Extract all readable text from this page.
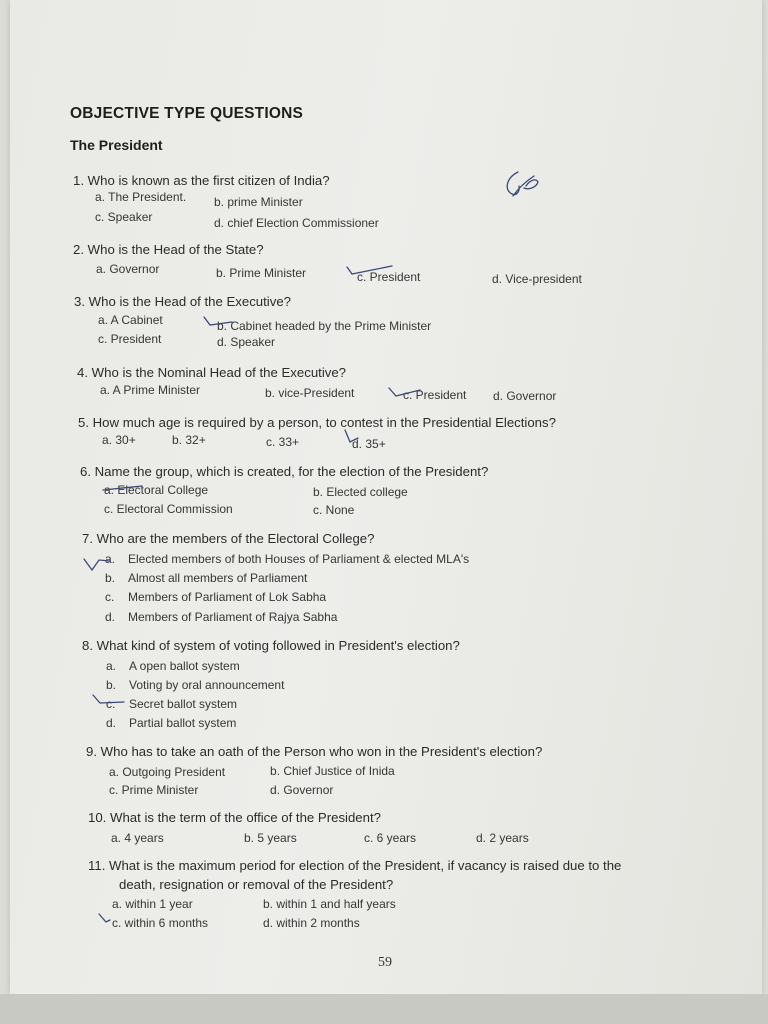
OBJECTIVE TYPE QUESTIONS
The President
1. Who is known as the first citizen of India?
a. The President. b. prime Minister
c. Speaker	d. chief Election Commissioner
2. Who is the Head of the State?
a. Governor	b. Prime Minister	c. President	d. Vice-president
3. Who is the Head of the Executive?
a. A Cabinet	b. Cabinet headed by the Prime Minister
c. President	d. Speaker
4. Who is the Nominal Head of the Executive?
a. A Prime Minister	b. vice-President	c. President d. Governor
5. How much age is required by a person, to contest in the Presidential Elections?
a. 30+	b. 32+	c. 33+	d. 35+
6. Name the group, which is created, for the election of the President?
a. Electoral College	b. Elected college
c. Electoral Commission	c. None
7. Who are the members of the Electoral College?
a. Elected members of both Houses of Parliament & elected MLA's
b. Almost all members of Parliament
c. Members of Parliament of Lok Sabha
d. Members of Parliament of Rajya Sabha
8. What kind of system of voting followed in President's election?
a. A open ballot system
b. Voting by oral announcement
c. Secret ballot system
d. Partial ballot system
9. Who has to take an oath of the Person who won in the President's election?
a. Outgoing President	b. Chief Justice of Inida
c. Prime Minister	d. Governor
10. What is the term of the office of the President?
a. 4 years	b. 5 years	c. 6 years	d. 2 years
11. What is the maximum period for election of the President, if vacancy is raised due to the
death, resignation or removal of the President?
a. within 1 year	b. within 1 and half years
c. within 6 months	d. within 2 months
59
